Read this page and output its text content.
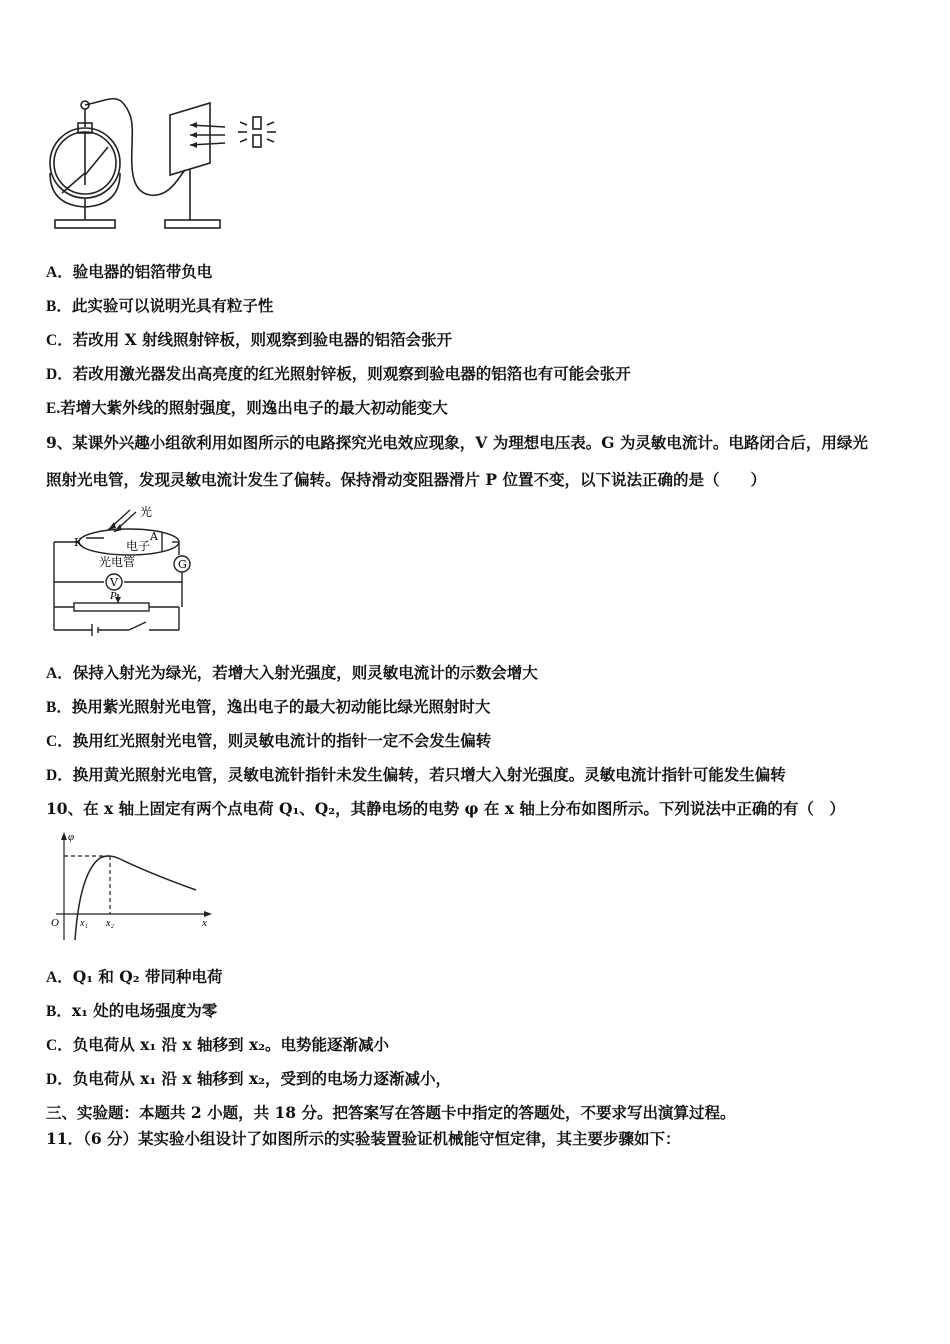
A．验电器的铝箔带负电
B．此实验可以说明光具有粒子性
C．若改用 X 射线照射锌板，则观察到验电器的铝箔会张开
D．若改用激光器发出高亮度的红光照射锌板，则观察到验电器的铝箔也有可能会张开
E.若增大紫外线的照射强度，则逸出电子的最大初动能变大
9、某课外兴趣小组欲利用如图所示的电路探究光电效应现象，V 为理想电压表。G 为灵敏电流计。电路闭合后，用绿光
照射光电管，发现灵敏电流计发生了偏转。保持滑动变阻器滑片 P 位置不变，以下说法正确的是（　　）
光
电子
光电管
K	A
G
V
P
A．保持入射光为绿光，若增大入射光强度，则灵敏电流计的示数会增大
B．换用紫光照射光电管，逸出电子的最大初动能比绿光照射时大
C．换用红光照射光电管，则灵敏电流计的指针一定不会发生偏转
D．换用黄光照射光电管，灵敏电流针指针未发生偏转，若只增大入射光强度。灵敏电流计指针可能发生偏转
10、在 x 轴上固定有两个点电荷 Q₁、Q₂，其静电场的电势 φ 在 x 轴上分布如图所示。下列说法中正确的有（　）
φ
O x₁ x₂	x
A．Q₁ 和 Q₂ 带同种电荷
B．x₁ 处的电场强度为零
C．负电荷从 x₁ 沿 x 轴移到 x₂。电势能逐渐减小
D．负电荷从 x₁ 沿 x 轴移到 x₂，受到的电场力逐渐减小，
三、实验题：本题共 2 小题，共 18 分。把答案写在答题卡中指定的答题处，不要求写出演算过程。
11．（6 分）某实验小组设计了如图所示的实验装置验证机械能守恒定律，其主要步骤如下：
